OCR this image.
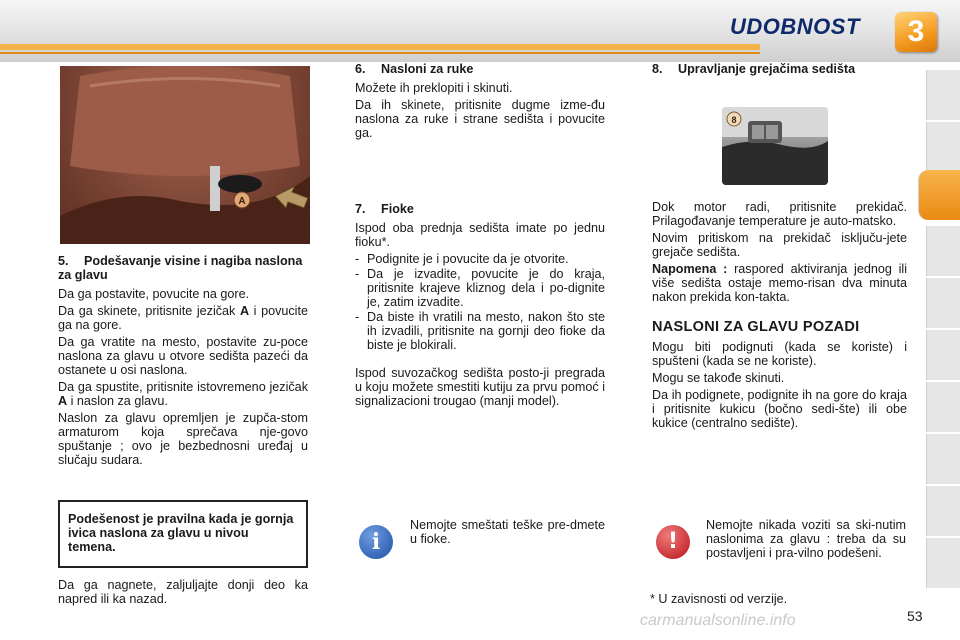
UDOBNOST	3
A
5. Podešavanje visine i nagiba naslona za glavu

Da ga postavite, povucite na gore.

Da ga skinete, pritisnite jezičak A i povucite ga na gore.

Da ga vratite na mesto, postavite zu-poce naslona za glavu u otvore sedišta pazeći da ostanete u osi naslona.

Da ga spustite, pritisnite istovremeno jezičak A i naslon za glavu.

Naslon za glavu opremljen je zupča-stom armaturom koja sprečava nje-govo spuštanje ; ovo je bezbednosni uređaj u slučaju sudara.

Podešenost je pravilna kada je gornja ivica naslona za glavu u nivou temena.

Da ga nagnete, zaljuljajte donji deo ka napred ili ka nazad.

6. Nasloni za ruke

Možete ih preklopiti i skinuti.

Da ih skinete, pritisnite dugme izme-đu naslona za ruke i strane sedišta i povucite ga.

7. Fioke

Ispod oba prednja sedišta imate po jednu fioku*.

- Podignite je i povucite da je otvorite.
- Da je izvadite, povucite je do kraja, pritisnite krajeve kliznog dela i po-dignite je, zatim izvadite.
- Da biste ih vratili na mesto, nakon što ste ih izvadili, pritisnite na gornji deo fioke da biste je blokirali.

Ispod suvozačkog sedišta posto-ji pregrada u koju možete smestiti kutiju za prvu pomoć i signalizacioni trougao (manji model).

i

Nemojte smeštati teške pre-dmete u fioke.

8. Upravljanje grejačima sedišta
8

Dok motor radi, pritisnite prekidač. Prilagođavanje temperature je auto-matsko.

Novim pritiskom na prekidač isključu-jete grejače sedišta.

Napomena : raspored aktiviranja jednog ili više sedišta ostaje memo-risan dva minuta nakon prekida kon-takta.

NASLONI ZA GLAVU POZADI

Mogu biti podignuti (kada se koriste) i spušteni (kada se ne koriste).

Mogu se takođe skinuti.

Da ih podignete, podignite ih na gore do kraja i pritisnite kukicu (bočno sedi-šte) ili obe kukice (centralno sedište).

!

Nemojte nikada voziti sa ski-nutim naslonima za glavu : treba da su postavljeni i pra-vilno podešeni.

* U zavisnosti od verzije.

carmanualsonline.info	53
